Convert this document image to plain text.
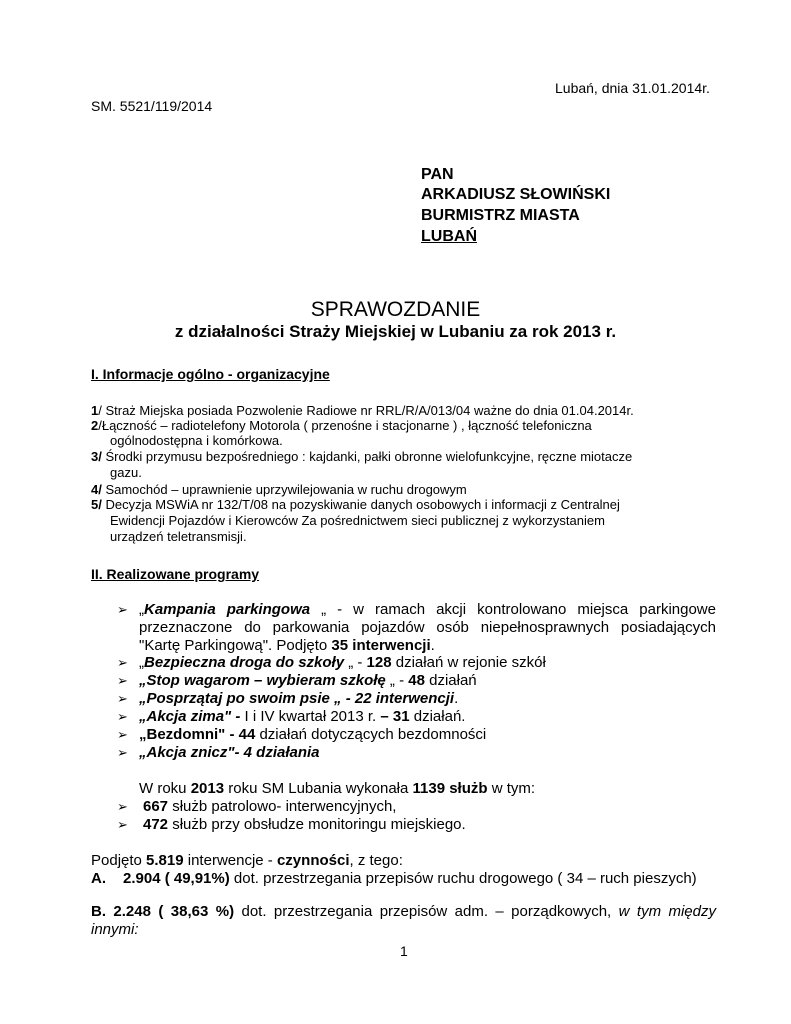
Lubań, dnia 31.01.2014r.
SM. 5521/119/2014
PAN
ARKADIUSZ SŁOWIŃSKI
BURMISTRZ MIASTA
LUBAŃ
SPRAWOZDANIE
z działalności Straży Miejskiej w Lubaniu za rok 2013 r.
I. Informacje ogólno - organizacyjne
1/ Straż Miejska posiada Pozwolenie Radiowe nr RRL/R/A/013/04 ważne do dnia 01.04.2014r.
2/Łączność – radiotelefony Motorola ( przenośne i stacjonarne ) , łączność telefoniczna
ogólnodostępna i komórkowa.
3/ Środki przymusu bezpośredniego : kajdanki, pałki obronne wielofunkcyjne, ręczne miotacze
gazu.
4/ Samochód – uprawnienie uprzywilejowania w ruchu drogowym
5/ Decyzja MSWiA nr 132/T/08 na pozyskiwanie danych osobowych i informacji z Centralnej
Ewidencji Pojazdów i Kierowców Za pośrednictwem sieci publicznej z wykorzystaniem
urządzeń teletransmisji.
II. Realizowane programy
➢ „Kampania parkingowa „ - w ramach akcji kontrolowano miejsca parkingowe
przeznaczone do parkowania pojazdów osób niepełnosprawnych posiadających
"Kartę Parkingową". Podjęto 35 interwencji.
➢ „Bezpieczna droga do szkoły „ - 128 działań w rejonie szkół
➢ „Stop wagarom – wybieram szkołę „ - 48 działań
➢ „Posprzątaj po swoim psie „ - 22 interwencji.
➢ „Akcja zima" - I i IV kwartał 2013 r. – 31 działań.
➢ „Bezdomni" - 44 działań dotyczących bezdomności
➢ „Akcja znicz"- 4 działania
W roku 2013 roku SM Lubania wykonała 1139 służb w tym:
➢ 667 służb patrolowo- interwencyjnych,
➢ 472 służb przy obsłudze monitoringu miejskiego.
Podjęto 5.819 interwencje - czynności, z tego:
A. 2.904 ( 49,91%) dot. przestrzegania przepisów ruchu drogowego ( 34 – ruch pieszych)
B. 2.248 ( 38,63 %) dot. przestrzegania przepisów adm. – porządkowych, w tym między
innymi:
1
